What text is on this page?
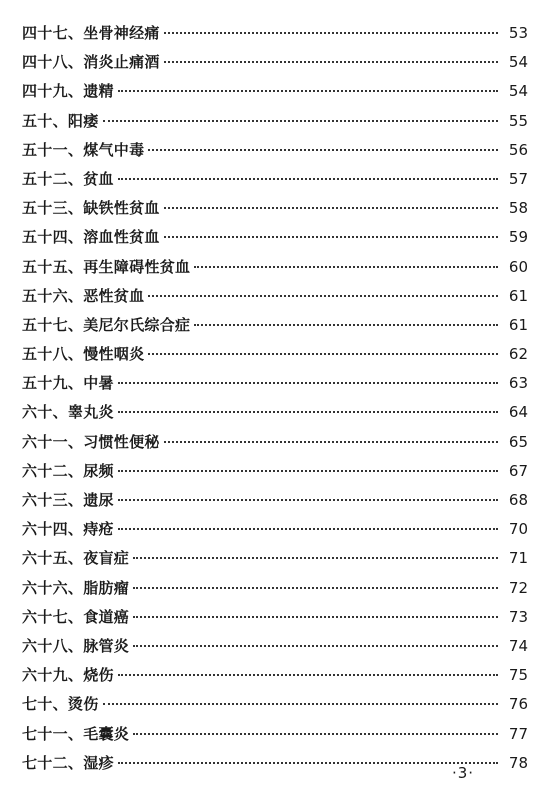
四十七、坐骨神经痛	53
四十八、消炎止痛酒	54
四十九、遗精	54
五十、阳痿	55
五十一、煤气中毒	56
五十二、贫血	57
五十三、缺铁性贫血	58
五十四、溶血性贫血	59
五十五、再生障碍性贫血	60
五十六、恶性贫血	61
五十七、美尼尔氏综合症	61
五十八、慢性咽炎	62
五十九、中暑	63
六十、睾丸炎	64
六十一、习惯性便秘	65
六十二、尿频	67
六十三、遗尿	68
六十四、痔疮	70
六十五、夜盲症	71
六十六、脂肪瘤	72
六十七、食道癌	73
六十八、脉管炎	74
六十九、烧伤	75
七十、烫伤	76
七十一、毛囊炎	77
七十二、湿疹	78
·3·
